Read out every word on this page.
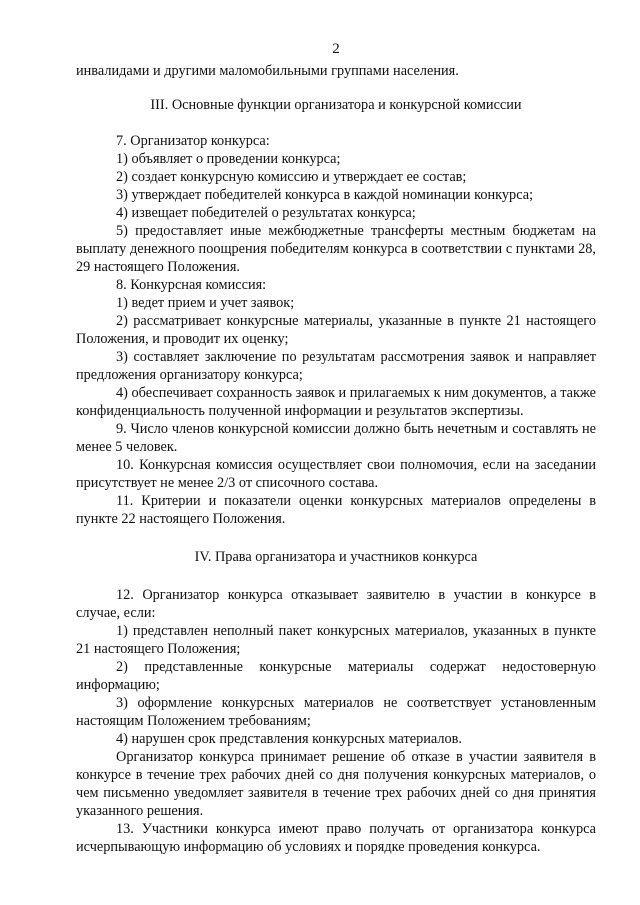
2

инвалидами и другими маломобильными группами населения.

III. Основные функции организатора и конкурсной комиссии

7. Организатор конкурса:

1) объявляет о проведении конкурса;

2) создает конкурсную комиссию и утверждает ее состав;

3) утверждает победителей конкурса в каждой номинации конкурса;

4) извещает победителей о результатах конкурса;

5) предоставляет иные межбюджетные трансферты местным бюджетам на выплату денежного поощрения победителям конкурса в соответствии с пунктами 28, 29 настоящего Положения.

8. Конкурсная комиссия:

1) ведет прием и учет заявок;

2) рассматривает конкурсные материалы, указанные в пункте 21 настоящего Положения, и проводит их оценку;

3) составляет заключение по результатам рассмотрения заявок и направляет предложения организатору конкурса;

4) обеспечивает сохранность заявок и прилагаемых к ним документов, а также конфиденциальность полученной информации и результатов экспертизы.

9. Число членов конкурсной комиссии должно быть нечетным и составлять не менее 5 человек.

10. Конкурсная комиссия осуществляет свои полномочия, если на заседании присутствует не менее 2/3 от списочного состава.

11. Критерии и показатели оценки конкурсных материалов определены в пункте 22 настоящего Положения.

IV. Права организатора и участников конкурса

12. Организатор конкурса отказывает заявителю в участии в конкурсе в случае, если:

1) представлен неполный пакет конкурсных материалов, указанных в пункте 21 настоящего Положения;

2) представленные конкурсные материалы содержат недостоверную информацию;

3) оформление конкурсных материалов не соответствует установленным настоящим Положением требованиям;

4) нарушен срок представления конкурсных материалов.

Организатор конкурса принимает решение об отказе в участии заявителя в конкурсе в течение трех рабочих дней со дня получения конкурсных материалов, о чем письменно уведомляет заявителя в течение трех рабочих дней со дня принятия указанного решения.

13. Участники конкурса имеют право получать от организатора конкурса исчерпывающую информацию об условиях и порядке проведения конкурса.
